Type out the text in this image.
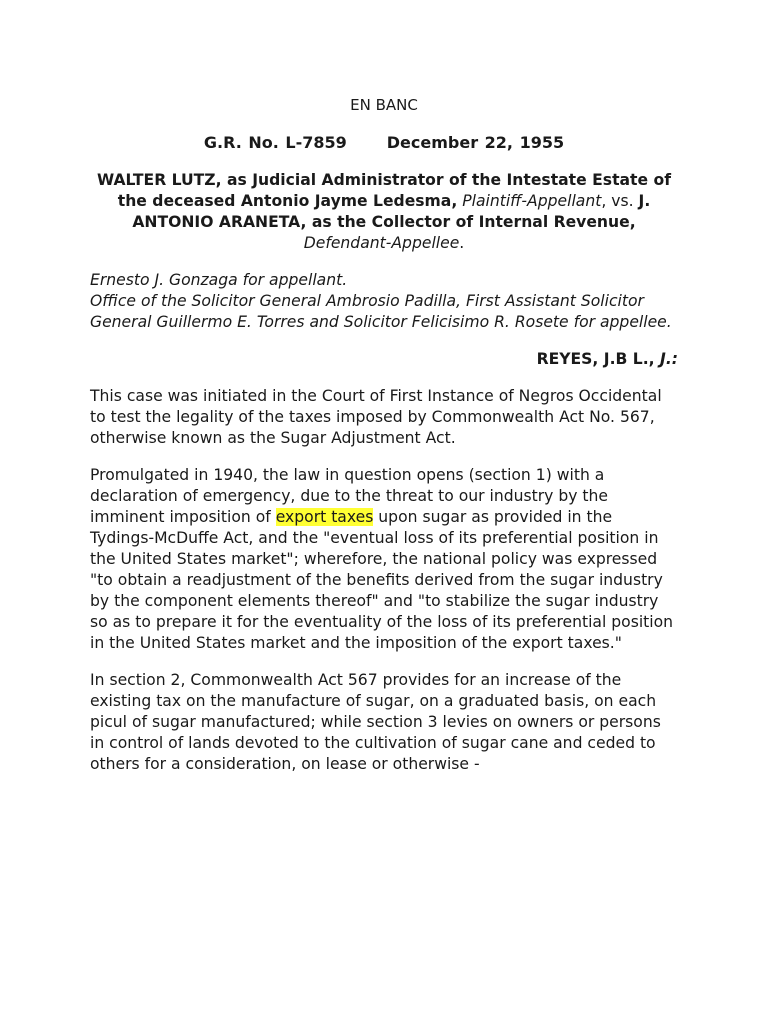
EN BANC
G.R. No. L-7859	December 22, 1955
WALTER LUTZ, as Judicial Administrator of the Intestate Estate of the deceased Antonio Jayme Ledesma, Plaintiff-Appellant, vs. J. ANTONIO ARANETA, as the Collector of Internal Revenue, Defendant-Appellee.
Ernesto J. Gonzaga for appellant.
Office of the Solicitor General Ambrosio Padilla, First Assistant Solicitor General Guillermo E. Torres and Solicitor Felicisimo R. Rosete for appellee.
REYES, J.B L., J.:

This case was initiated in the Court of First Instance of Negros Occidental to test the legality of the taxes imposed by Commonwealth Act No. 567, otherwise known as the Sugar Adjustment Act.

Promulgated in 1940, the law in question opens (section 1) with a declaration of emergency, due to the threat to our industry by the imminent imposition of export taxes upon sugar as provided in the Tydings-McDuffe Act, and the "eventual loss of its preferential position in the United States market"; wherefore, the national policy was expressed "to obtain a readjustment of the benefits derived from the sugar industry by the component elements thereof" and "to stabilize the sugar industry so as to prepare it for the eventuality of the loss of its preferential position in the United States market and the imposition of the export taxes."

In section 2, Commonwealth Act 567 provides for an increase of the existing tax on the manufacture of sugar, on a graduated basis, on each picul of sugar manufactured; while section 3 levies on owners or persons in control of lands devoted to the cultivation of sugar cane and ceded to others for a consideration, on lease or otherwise -
